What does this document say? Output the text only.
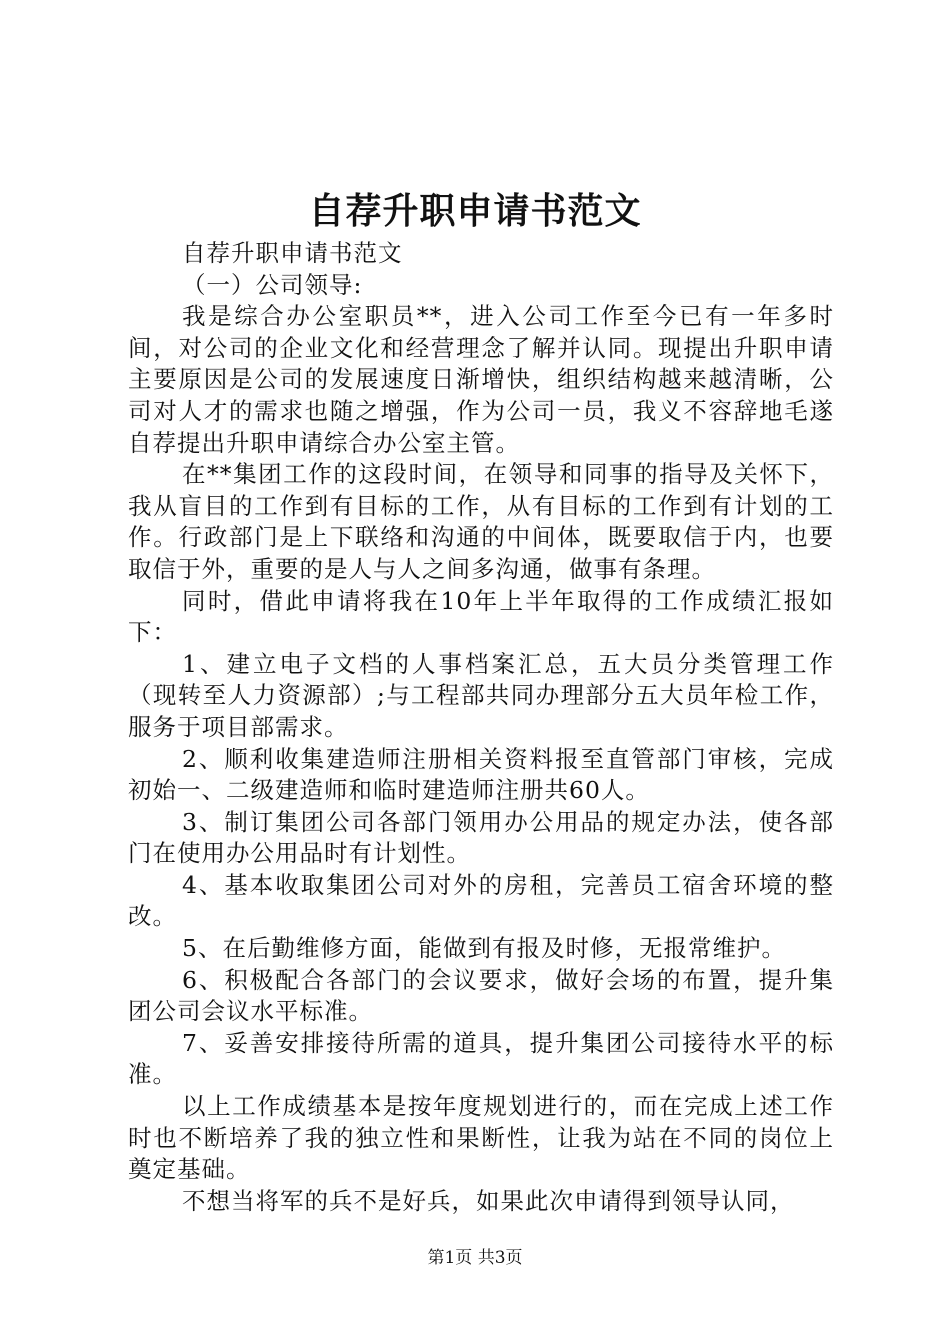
自荐升职申请书范文

自荐升职申请书范文

（一）公司领导:

我是综合办公室职员**，进入公司工作至今已有一年多时间，对公司的企业文化和经营理念了解并认同。现提出升职申请主要原因是公司的发展速度日渐增快，组织结构越来越清晰，公司对人才的需求也随之增强，作为公司一员，我义不容辞地毛遂自荐提出升职申请综合办公室主管。

在**集团工作的这段时间，在领导和同事的指导及关怀下，我从盲目的工作到有目标的工作，从有目标的工作到有计划的工作。行政部门是上下联络和沟通的中间体，既要取信于内，也要取信于外，重要的是人与人之间多沟通，做事有条理。

同时，借此申请将我在10年上半年取得的工作成绩汇报如下：

1、建立电子文档的人事档案汇总，五大员分类管理工作（现转至人力资源部）;与工程部共同办理部分五大员年检工作，服务于项目部需求。

2、顺利收集建造师注册相关资料报至直管部门审核，完成初始一、二级建造师和临时建造师注册共60人。

3、制订集团公司各部门领用办公用品的规定办法，使各部门在使用办公用品时有计划性。

4、基本收取集团公司对外的房租，完善员工宿舍环境的整改。

5、在后勤维修方面，能做到有报及时修，无报常维护。

6、积极配合各部门的会议要求，做好会场的布置，提升集团公司会议水平标准。

7、妥善安排接待所需的道具，提升集团公司接待水平的标准。

以上工作成绩基本是按年度规划进行的，而在完成上述工作时也不断培养了我的独立性和果断性，让我为站在不同的岗位上奠定基础。

不想当将军的兵不是好兵，如果此次申请得到领导认同，

第1页 共3页
